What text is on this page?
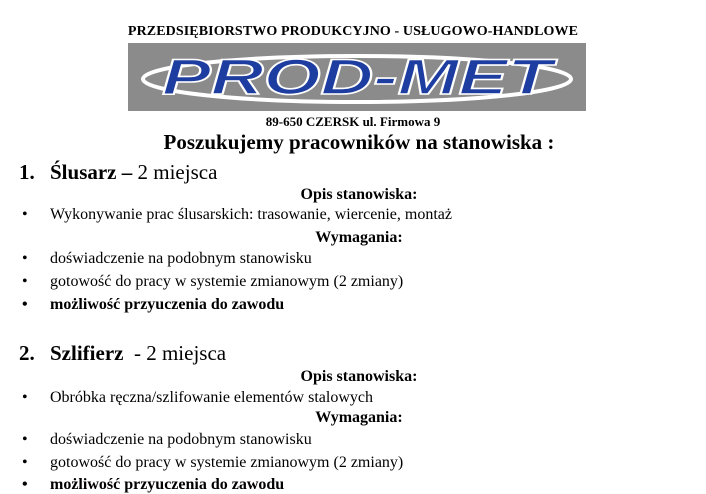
PRZEDSIĘBIORSTWO PRODUKCYJNO - USŁUGOWO-HANDLOWE
PROD-MET
89-650 CZERSK ul. Firmowa 9
Poszukujemy pracowników na stanowiska :
1. Ślusarz – 2 miejsca
Opis stanowiska:
• Wykonywanie prac ślusarskich: trasowanie, wiercenie, montaż
Wymagania:
• doświadczenie na podobnym stanowisku
• gotowość do pracy w systemie zmianowym (2 zmiany)
• możliwość przyuczenia do zawodu
2. Szlifierz  - 2 miejsca
Opis stanowiska:
• Obróbka ręczna/szlifowanie elementów stalowych
Wymagania:
• doświadczenie na podobnym stanowisku
• gotowość do pracy w systemie zmianowym (2 zmiany)
• możliwość przyuczenia do zawodu
